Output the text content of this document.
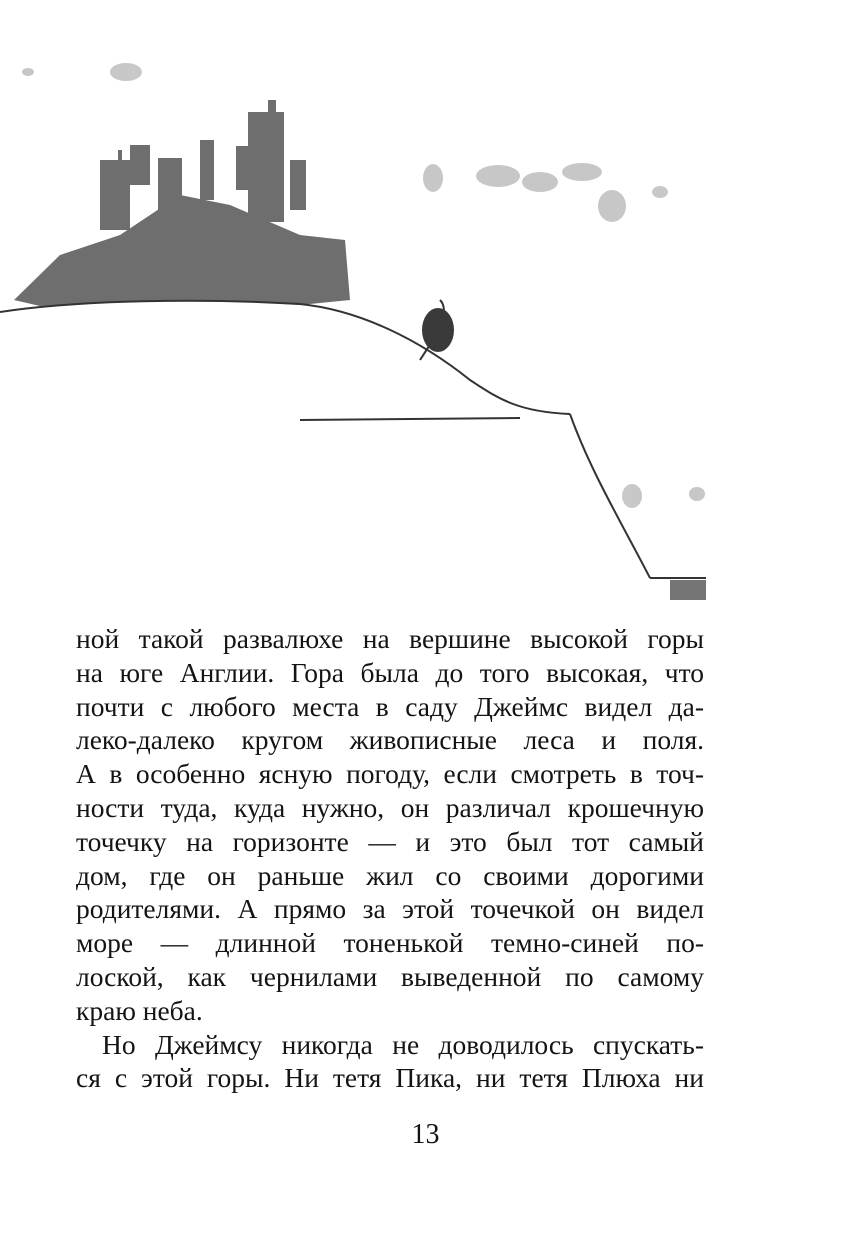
ной такой развалюхе на вершине высокой горы
на юге Англии. Гора была до того высокая, что
почти с любого места в саду Джеймс видел да-
леко-далеко кругом живописные леса и поля.
А в особенно ясную погоду, если смотреть в точ-
ности туда, куда нужно, он различал крошечную
точечку на горизонте — и это был тот самый
дом, где он раньше жил со своими дорогими
родителями. А прямо за этой точечкой он видел
море — длинной тоненькой темно-синей по-
лоской, как чернилами выведенной по самому
краю неба.
Но Джеймсу никогда не доводилось спускать-
ся с этой горы. Ни тетя Пика, ни тетя Плюха ни
13
